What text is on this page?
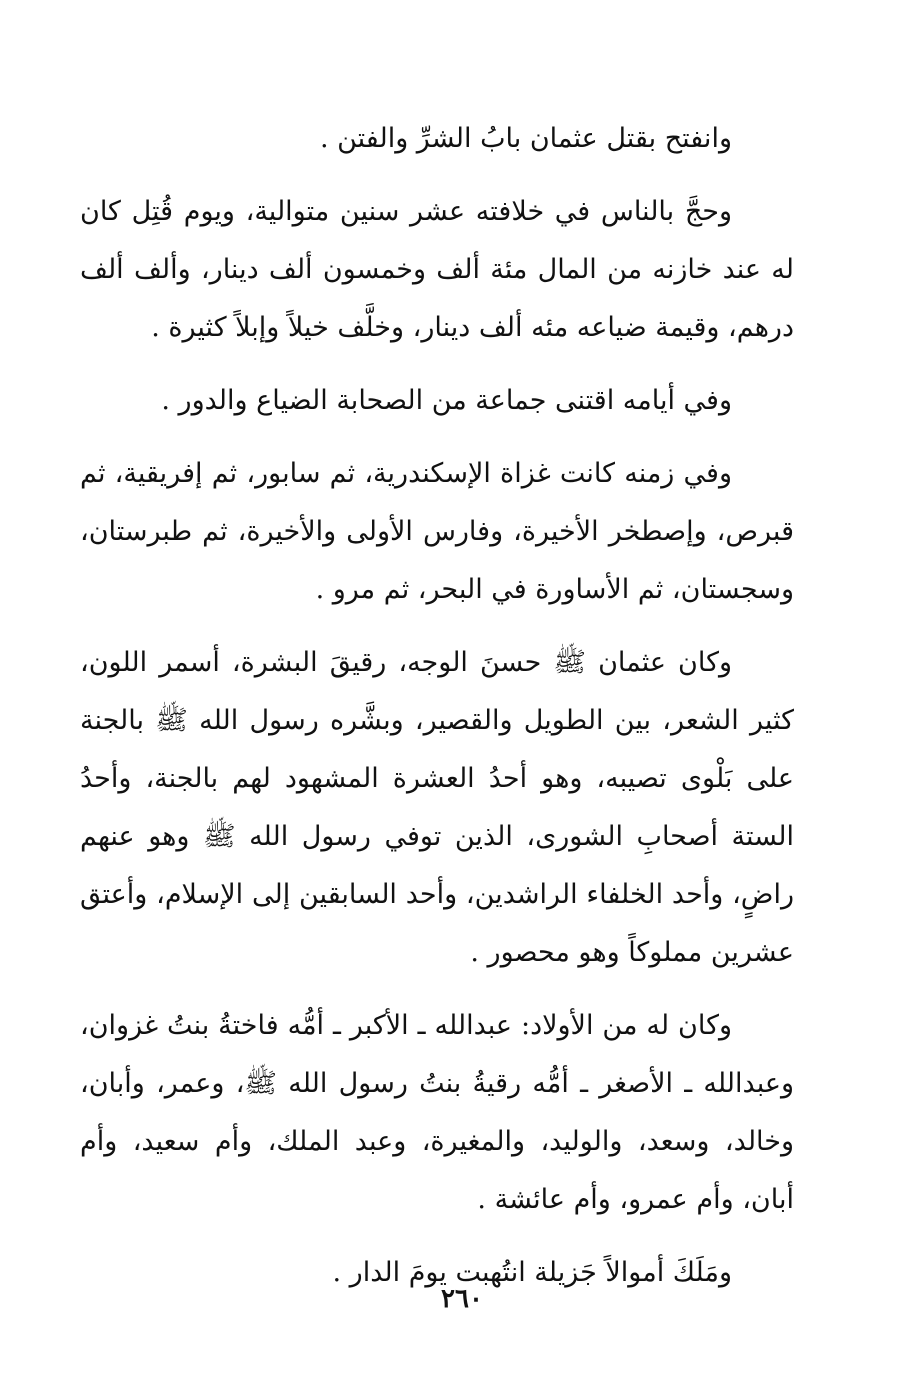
وانفتح بقتل عثمان بابُ الشرِّ والفتن .

وحجَّ بالناس في خلافته عشر سنين متوالية، ويوم قُتِل كان له عند خازنه من المال مئة ألف وخمسون ألف دينار، وألف ألف درهم، وقيمة ضياعه مئه ألف دينار، وخلَّف خيلاً وإبلاً كثيرة .

وفي أيامه اقتنى جماعة من الصحابة الضياع والدور .

وفي زمنه كانت غزاة الإسكندرية، ثم سابور، ثم إفريقية، ثم قبرص، وإصطخر الأخيرة، وفارس الأولى والأخيرة، ثم طبرستان، وسجستان، ثم الأساورة في البحر، ثم مرو .

وكان عثمان ﷺ حسنَ الوجه، رقيقَ البشرة، أسمر اللون، كثير الشعر، بين الطويل والقصير، وبشَّره رسول الله ﷺ بالجنة على بَلْوى تصيبه، وهو أحدُ العشرة المشهود لهم بالجنة، وأحدُ الستة أصحابِ الشورى، الذين توفي رسول الله ﷺ وهو عنهم راضٍ، وأحد الخلفاء الراشدين، وأحد السابقين إلى الإسلام، وأعتق عشرين مملوكاً وهو محصور .

وكان له من الأولاد: عبدالله ـ الأكبر ـ أمُّه فاختةُ بنتُ غزوان، وعبدالله ـ الأصغر ـ أمُّه رقيةُ بنتُ رسول الله ﷺ، وعمر، وأبان، وخالد، وسعد، والوليد، والمغيرة، وعبد الملك، وأم سعيد، وأم أبان، وأم عمرو، وأم عائشة .

ومَلَكَ أموالاً جَزيلة انتُهبت يومَ الدار .

٢٦٠
